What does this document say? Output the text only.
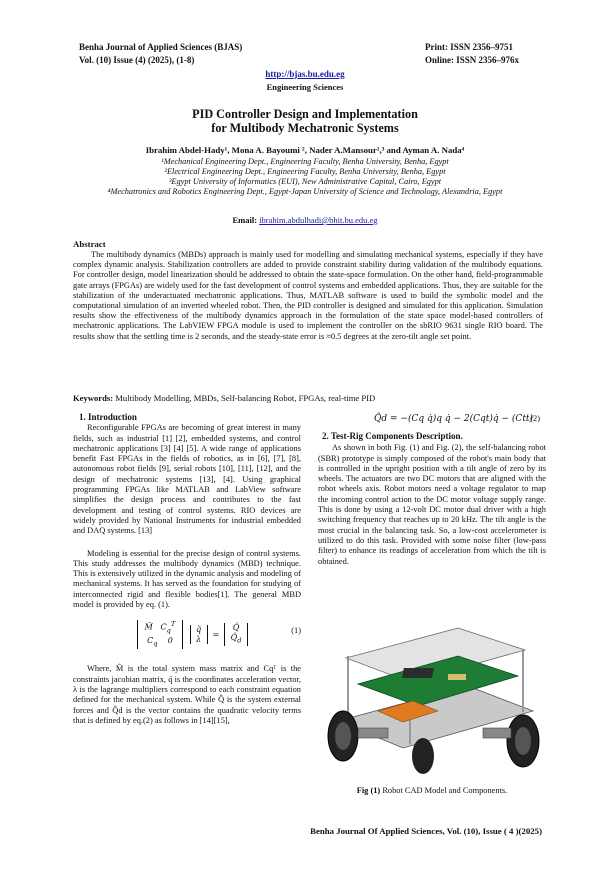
Benha Journal of Applied Sciences (BJAS)	Print: ISSN 2356–9751
Vol. (10) Issue (4) (2025), (1-8)	Online: ISSN 2356–976x
http://bjas.bu.edu.eg
Engineering Sciences
PID Controller Design and Implementation
for Multibody Mechatronic Systems
Ibrahim Abdel-Hady¹, Mona A. Bayoumi ², Nader A.Mansour¹,³ and Ayman A. Nada⁴
¹Mechanical Engineering Dept., Engineering Faculty, Benha University, Benha, Egypt
²Electrical Engineering Dept., Engineering Faculty, Benha University, Benha, Egypt
³Egypt University of Informatics (EUI), New Administrative Capital, Cairo, Egypt
⁴Mechatronics and Robotics Engineering Dept., Egypt-Japan University of Science and Technology, Alexandria, Egypt
Email: ibrahim.abdulhadi@bhit.bu.edu.eg
Abstract
The multibody dynamics (MBDs) approach is mainly used for modelling and simulating mechanical systems, especially if they have complex dynamic analysis. Stabilization controllers are added to provide constraint stability during validation of the multibody equations. For controller design, model linearization should be addressed to obtain the state-space formulation. On the other hand, field-programmable gate arrays (FPGAs) are widely used for the fast development of control systems and embedded applications. Thus, they are suitable for the stabilization of the underactuated mechatronic applications. Thus, MATLAB software is used to build the symbolic model and the computational simulation of an inverted wheeled robot. Then, the PID controller is designed and simulated for this application. Simulation results show the effectiveness of the multibody dynamics approach in the formulation of the state space model-based controllers of mechatronic applications. The LabVIEW FPGA module is used to implement the controller on the sbRIO 9631 single RIO board. The results show that the settling time is 2 seconds, and the steady-state error is ≈0.5 degrees at the zero-tilt angle set point.
Keywords: Multibody Modelling, MBDs, Self-balancing Robot, FPGAs, real-time PID
1. Introduction

Reconfigurable FPGAs are becoming of great interest in many fields, such as industrial [1] [2], embedded systems, and control mechatronic applications [3] [4] [5]. A wide range of applications benefit Fast FPGAs in the fields of robotics, as in [6], [7], [8], autonomous robot fields [9], serial robots [10], [11], [12], and the design of mechatronic systems [13], [4]. Using graphical programming FPGAs like MATLAB and LabView software simplifies the design process and contributes to the fast development and testing of control systems. RIO devices are widely provided by National Instruments for industrial embedded and DAQ systems. [13]

Modeling is essential for the precise design of control systems. This study addresses the multibody dynamics (MBD) technique. This is extensively utilized in the dynamic analysis and modeling of mechanical systems. It has served as the foundation for studying of interconnected rigid and flexible bodies[1]. The general MBD model is provided by eq. (1).

M̂   $C_q^T$
$C_q$    0 q̈
λ = Q̂
$Q̂_d$
(1)

Where, M̂ is the total system mass matrix and Cqᵀ is the constraints jacobian matrix, q̈ is the coordinates acceleration vector, λ is the lagrange multipliers correspond to each constraint equation defined for the mechanical system. While Q̂ is the system external forces and Q̂d is the vector contains the quadratic velocity terms that is defined by eq.(2) as follows in [14][15],

Q̂d = −(Cq q̇)q q̇ − 2(Cqt)q̇ − (Ctt)
(2)
2. Test-Rig Components Description.

As shown in both Fig. (1) and Fig. (2), the self-balancing robot (SBR) prototype is simply composed of the robot's main body that is controlled in the upright position with a tilt angle of zero by its wheels. The actuators are two DC motors that are aligned with the robot wheels axis. Robot motors need a voltage regulator to map the incoming control action to the DC motor voltage supply range. This is done by using a 12-volt DC motor dual driver with a high switching frequency that reaches up to 20 kHz. The tilt angle is the most crucial in the balancing task. So, a low-cost accelerometer is utilized to do this task. Provided with some noise filter (low-pass filter) to enhance its readings of acceleration from which the tilt is obtained.

Fig (1) Robot CAD Model and Components.
Benha Journal Of Applied Sciences, Vol. (10), Issue ( 4 )(2025)
